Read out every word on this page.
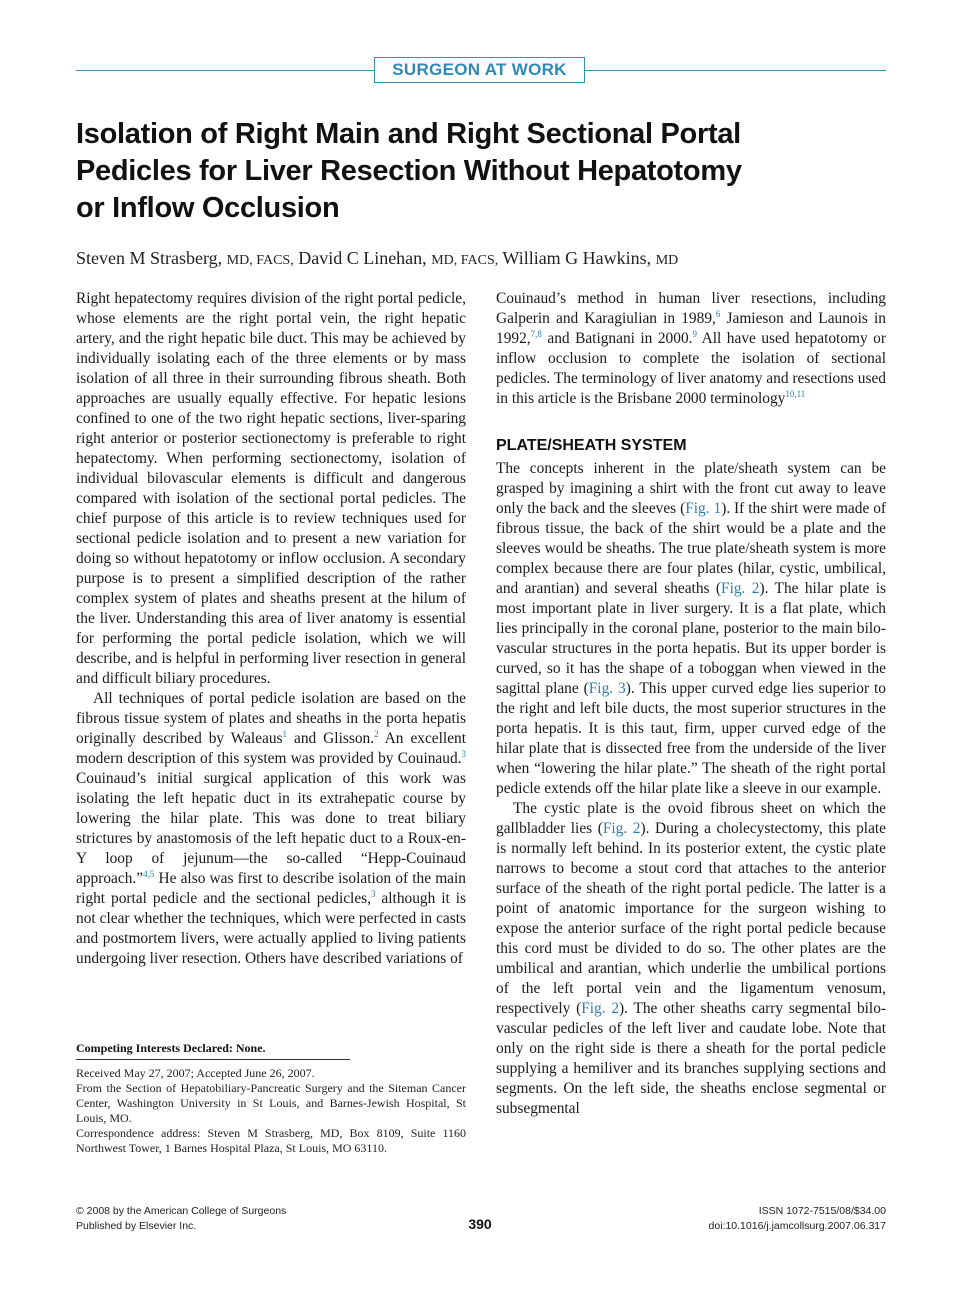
SURGEON AT WORK
Isolation of Right Main and Right Sectional Portal Pedicles for Liver Resection Without Hepatotomy or Inflow Occlusion
Steven M Strasberg, MD, FACS, David C Linehan, MD, FACS, William G Hawkins, MD

Right hepatectomy requires division of the right portal pedicle, whose elements are the right portal vein, the right hepatic artery, and the right hepatic bile duct. This may be achieved by individually isolating each of the three elements or by mass isolation of all three in their surrounding fibrous sheath. Both approaches are usually equally effective. For hepatic lesions confined to one of the two right hepatic sections, liver-sparing right anterior or posterior sectionectomy is preferable to right hepatectomy. When performing sectionectomy, isolation of individual bilovascular elements is difficult and dangerous compared with isolation of the sectional portal pedicles. The chief purpose of this article is to review techniques used for sectional pedicle isolation and to present a new variation for doing so without hepatotomy or inflow occlusion. A secondary purpose is to present a simplified description of the rather complex system of plates and sheaths present at the hilum of the liver. Understanding this area of liver anatomy is essential for performing the portal pedicle isolation, which we will describe, and is helpful in performing liver resection in general and difficult biliary procedures.

All techniques of portal pedicle isolation are based on the fibrous tissue system of plates and sheaths in the porta hepatis originally described by Waleaus$^1$ and Glisson.$^2$ An excellent modern description of this system was provided by Couinaud.$^3$ Couinaud’s initial surgical application of this work was isolating the left hepatic duct in its extrahepatic course by lowering the hilar plate. This was done to treat biliary strictures by anastomosis of the left hepatic duct to a Roux-en-Y loop of jejunum—the so-called “Hepp-Couinaud approach.”$^{4,5}$ He also was first to describe isolation of the main right portal pedicle and the sectional pedicles,$^3$ although it is not clear whether the techniques, which were perfected in casts and postmortem livers, were actually applied to living patients undergoing liver resection. Others have described variations of

Couinaud’s method in human liver resections, including Galperin and Karagiulian in 1989,$^6$ Jamieson and Launois in 1992,$^{7,8}$ and Batignani in 2000.$^9$ All have used hepatotomy or inflow occlusion to complete the isolation of sectional pedicles. The terminology of liver anatomy and resections used in this article is the Brisbane 2000 terminology$^{10,11}$

PLATE/SHEATH SYSTEM

The concepts inherent in the plate/sheath system can be grasped by imagining a shirt with the front cut away to leave only the back and the sleeves (Fig. 1). If the shirt were made of fibrous tissue, the back of the shirt would be a plate and the sleeves would be sheaths. The true plate/sheath system is more complex because there are four plates (hilar, cystic, umbilical, and arantian) and several sheaths (Fig. 2). The hilar plate is most important plate in liver surgery. It is a flat plate, which lies principally in the coronal plane, posterior to the main bilo-vascular structures in the porta hepatis. But its upper border is curved, so it has the shape of a toboggan when viewed in the sagittal plane (Fig. 3). This upper curved edge lies superior to the right and left bile ducts, the most superior structures in the porta hepatis. It is this taut, firm, upper curved edge of the hilar plate that is dissected free from the underside of the liver when “lowering the hilar plate.” The sheath of the right portal pedicle extends off the hilar plate like a sleeve in our example.

The cystic plate is the ovoid fibrous sheet on which the gallbladder lies (Fig. 2). During a cholecystectomy, this plate is normally left behind. In its posterior extent, the cystic plate narrows to become a stout cord that attaches to the anterior surface of the sheath of the right portal pedicle. The latter is a point of anatomic importance for the surgeon wishing to expose the anterior surface of the right portal pedicle because this cord must be divided to do so. The other plates are the umbilical and arantian, which underlie the umbilical portions of the left portal vein and the ligamentum venosum, respectively (Fig. 2). The other sheaths carry segmental bilo-vascular pedicles of the left liver and caudate lobe. Note that only on the right side is there a sheath for the portal pedicle supplying a hemiliver and its branches supplying sections and segments. On the left side, the sheaths enclose segmental or subsegmental

Competing Interests Declared: None.

Received May 27, 2007; Accepted June 26, 2007.

From the Section of Hepatobiliary-Pancreatic Surgery and the Siteman Cancer Center, Washington University in St Louis, and Barnes-Jewish Hospital, St Louis, MO.

Correspondence address: Steven M Strasberg, MD, Box 8109, Suite 1160 Northwest Tower, 1 Barnes Hospital Plaza, St Louis, MO 63110.

© 2008 by the American College of Surgeons
Published by Elsevier Inc.	390
ISSN 1072-7515/08/$34.00
doi:10.1016/j.jamcollsurg.2007.06.317
